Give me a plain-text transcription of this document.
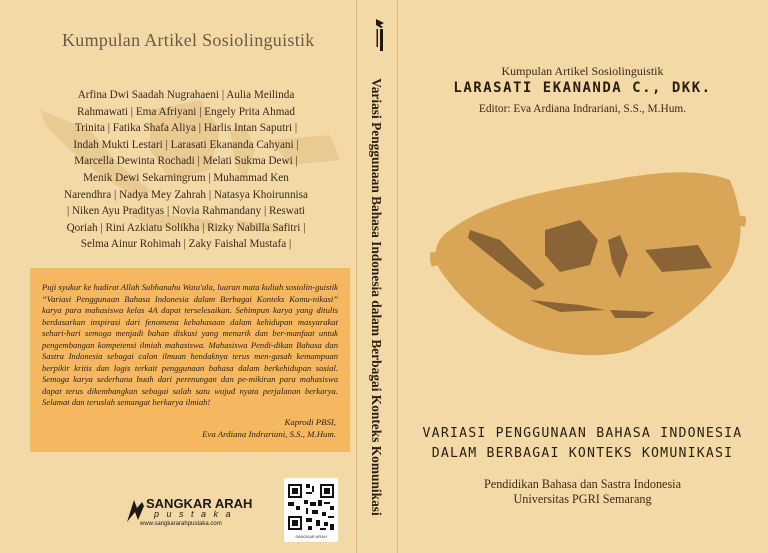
Kumpulan Artikel Sosiolinguistik
Arfina Dwi Saadah Nugrahaeni | Aulia Meilinda
Rahmawati | Ema Afriyani | Engely Prita Ahmad
Trinita | Fatika Shafa Aliya | Harlis Intan Saputri |
Indah Mukti Lestari | Larasati Ekananda Cahyani |
Marcella Dewinta Rochadi | Melati Sukma Dewi |
Menik Dewi Sekarningrum | Muhammad Ken
Narendhra | Nadya Mey Zahrah | Natasya Khoirunnisa
| Niken Ayu Pradityas | Novia Rahmandany | Reswati
Qoriah | Rini Azkiatu Solikha | Rizky Nabilla Safitri |
Selma Ainur Rohimah | Zaky Faishal Mustafa |
Puji syukur ke hadirat Allah Subhanahu Wata'ala, luaran mata kuliah sosiolin-guistik “Variasi Penggunaan Bahasa Indonesia dalam Berbagai Konteks Komu-nikasi” karya para mahasiswa kelas 4A dapat terselesaikan. Sehimpun karya yang ditulis berdasarkan inspirasi dari fenomena kebahasaan dalam kehidupan masyarakat sehari-hari semoga menjadi bahan diskusi yang menarik dan ber-manfaat untuk pengembangan kompetensi ilmiah mahasiswa. Mahasiswa Pendi-dikan Bahasa dan Sastra Indonesia sebagai calon ilmuan hendaknya terus men-gasah kemampuan berpikir kritis dan logis terkait penggunaan bahasa dalam berkehidupan sosial. Semoga karya sederhana buah dari perenungan dan pe-mikiran para mahasiswa dapat terus dikembangkan sebagai salah satu wujud nyata perjalanan berkarya. Selamat dan teruslah semangat berkarya ilmiah!
Kaprodi PBSI,
Eva Ardiana Indrariani, S.S., M.Hum.
SANGKAR ARAH
p u s t a k a
www.sangkararahpustaka.com
SANGKAR ARAH
Variasi Penggunaan Bahasa Indonesia dalam Berbagai Konteks Komunikasi
Kumpulan Artikel Sosiolinguistik
LARASATI EKANANDA C., DKK.
Editor: Eva Ardiana Indrariani, S.S., M.Hum.
VARIASI PENGGUNAAN BAHASA INDONESIA
DALAM BERBAGAI KONTEKS KOMUNIKASI
Pendidikan Bahasa dan Sastra Indonesia
Universitas PGRI Semarang
